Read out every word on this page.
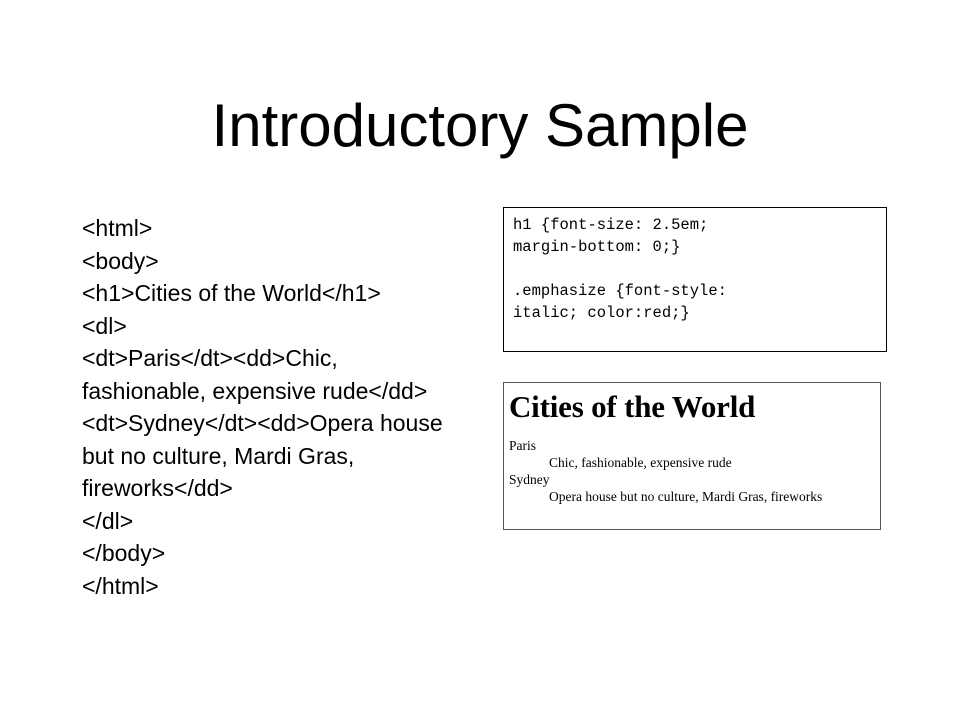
Introductory Sample
<html>
<body>
<h1>Cities of the World</h1>
<dl>
<dt>Paris</dt><dd>Chic, fashionable, expensive rude</dd>
<dt>Sydney</dt><dd>Opera house but no culture, Mardi Gras, fireworks</dd>
</dl>
</body>
</html>
h1 {font-size: 2.5em;
margin-bottom: 0;}
.emphasize {font-style:
italic; color:red;}
Cities of the World
Paris
Chic, fashionable, expensive rude
Sydney
Opera house but no culture, Mardi Gras, fireworks
